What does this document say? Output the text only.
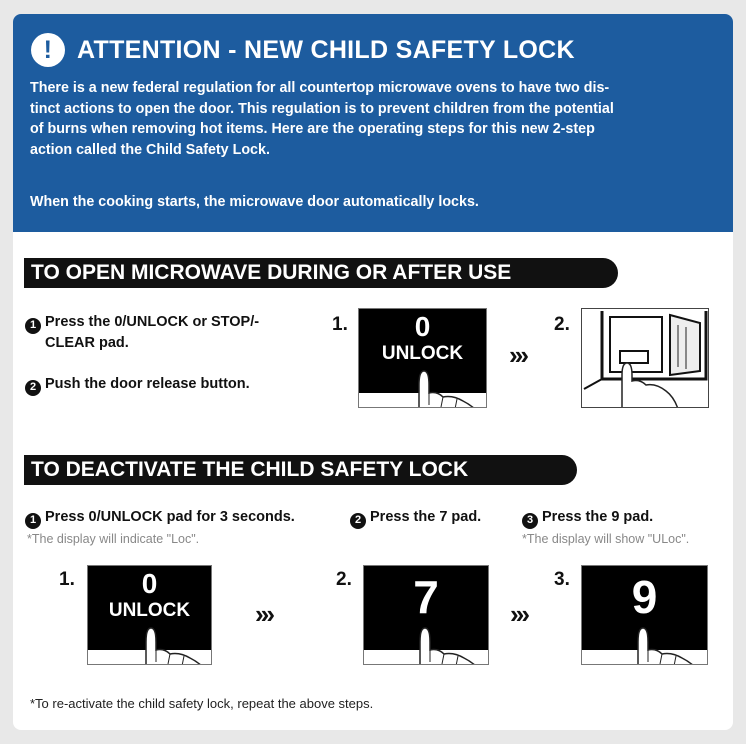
! ATTENTION - NEW CHILD SAFETY LOCK
There is a new federal regulation for all countertop microwave ovens to have two dis-
tinct actions to open the door. This regulation is to prevent children from the potential
of burns when removing hot items. Here are the operating steps for this new 2-step
action called the Child Safety Lock.
When the cooking starts, the microwave door automatically locks.
TO OPEN MICROWAVE DURING OR AFTER USE
1 Press the 0/UNLOCK or STOP/-
CLEAR pad.
2 Push the door release button.
1.	0
UNLOCK	›››
2.
TO DEACTIVATE THE CHILD SAFETY LOCK
1 Press 0/UNLOCK pad for 3 seconds.	2 Press the 7 pad.	3 Press the 9 pad.
*The display will indicate "Loc".	*The display will show "ULoc".
1.	0
UNLOCK	›››
2.	7	›››
3.	9
*To re-activate the child safety lock, repeat the above steps.
